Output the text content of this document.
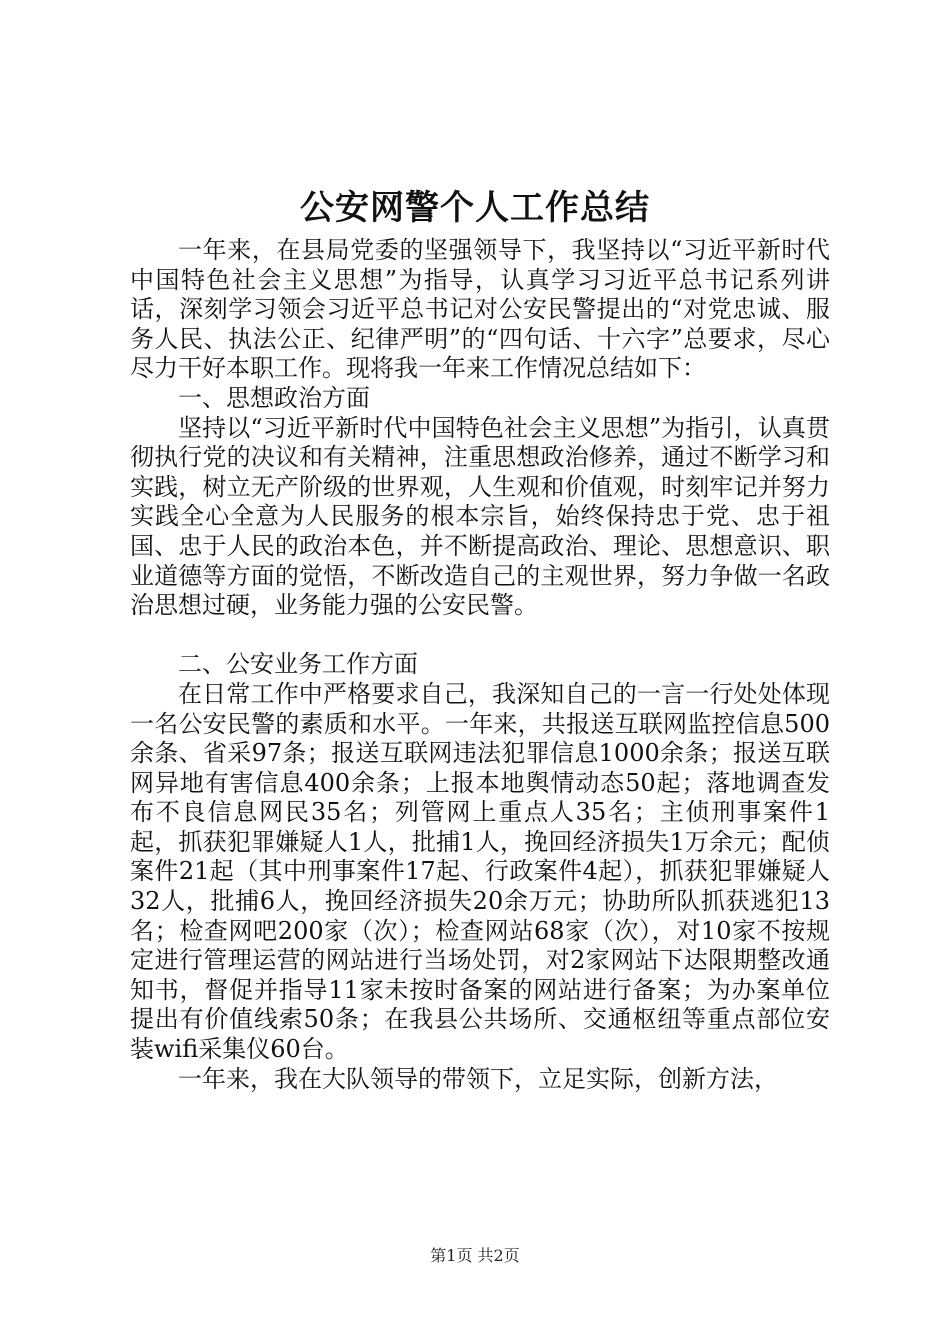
公安网警个人工作总结

一年来，在县局党委的坚强领导下，我坚持以“习近平新时代中国特色社会主义思想”为指导，认真学习习近平总书记系列讲话，深刻学习领会习近平总书记对公安民警提出的“对党忠诚、服务人民、执法公正、纪律严明”的“四句话、十六字”总要求，尽心尽力干好本职工作。现将我一年来工作情况总结如下：

一、思想政治方面

坚持以“习近平新时代中国特色社会主义思想”为指引，认真贯彻执行党的决议和有关精神，注重思想政治修养，通过不断学习和实践，树立无产阶级的世界观，人生观和价值观，时刻牢记并努力实践全心全意为人民服务的根本宗旨，始终保持忠于党、忠于祖国、忠于人民的政治本色，并不断提高政治、理论、思想意识、职业道德等方面的觉悟，不断改造自己的主观世界，努力争做一名政治思想过硬，业务能力强的公安民警。

二、公安业务工作方面

在日常工作中严格要求自己，我深知自己的一言一行处处体现一名公安民警的素质和水平。一年来，共报送互联网监控信息500余条、省采97条；报送互联网违法犯罪信息1000余条；报送互联网异地有害信息400余条；上报本地舆情动态50起；落地调查发布不良信息网民35名；列管网上重点人35名；主侦刑事案件1起，抓获犯罪嫌疑人1人，批捕1人，挽回经济损失1万余元；配侦案件21起（其中刑事案件17起、行政案件4起），抓获犯罪嫌疑人32人，批捕6人，挽回经济损失20余万元；协助所队抓获逃犯13名；检查网吧200家（次）；检查网站68家（次），对10家不按规定进行管理运营的网站进行当场处罚，对2家网站下达限期整改通知书，督促并指导11家未按时备案的网站进行备案；为办案单位提出有价值线索50条；在我县公共场所、交通枢纽等重点部位安装wifi采集仪60台。

一年来，我在大队领导的带领下，立足实际，创新方法，

第1页 共2页
